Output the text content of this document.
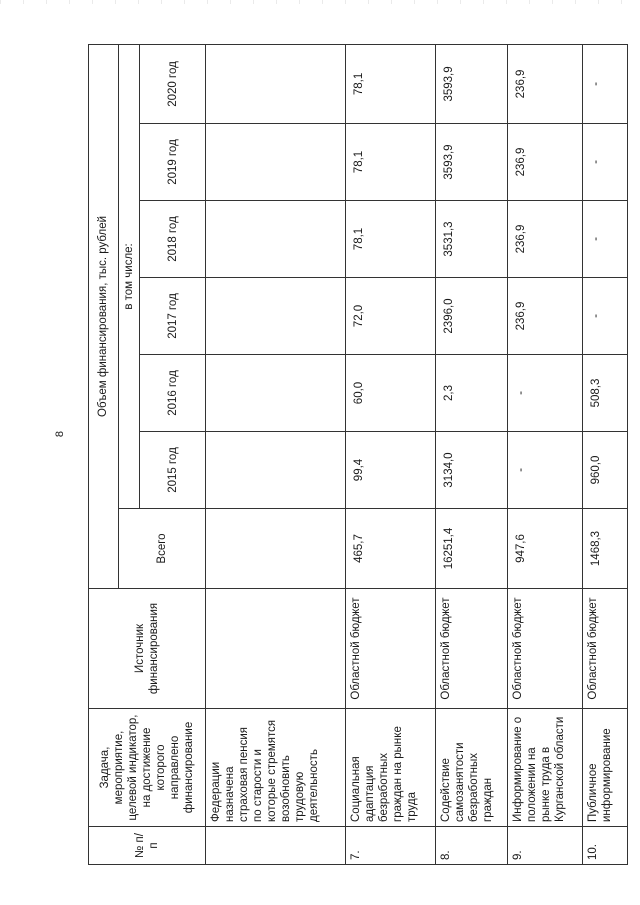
8
№ п/п	Задача, мероприятие, целевой индикатор, на достижение которого направлено финансирование	Источник финансирования	Объем финансирования, тыс. рублей						
			Всего	в том числе:					
				2015 год	2016 год	2017 год	2018 год	2019 год	2020 год
	Федерации назначена страховая пенсия по старости и которые стремятся возобновить трудовую деятельность								
7.	Социальная адаптация безработных граждан на рынке труда	Областной бюджет	465,7	99,4	60,0	72,0	78,1	78,1	78,1
8.	Содействие самозанятости безработных граждан	Областной бюджет	16251,4	3134,0	2,3	2396,0	3531,3	3593,9	3593,9
9.	Информирование о положении на рынке труда в Курганской области	Областной бюджет	947,6	-	-	236,9	236,9	236,9	236,9
10.	Публичное информирование	Областной бюджет	1468,3	960,0	508,3	-	-	-	-
